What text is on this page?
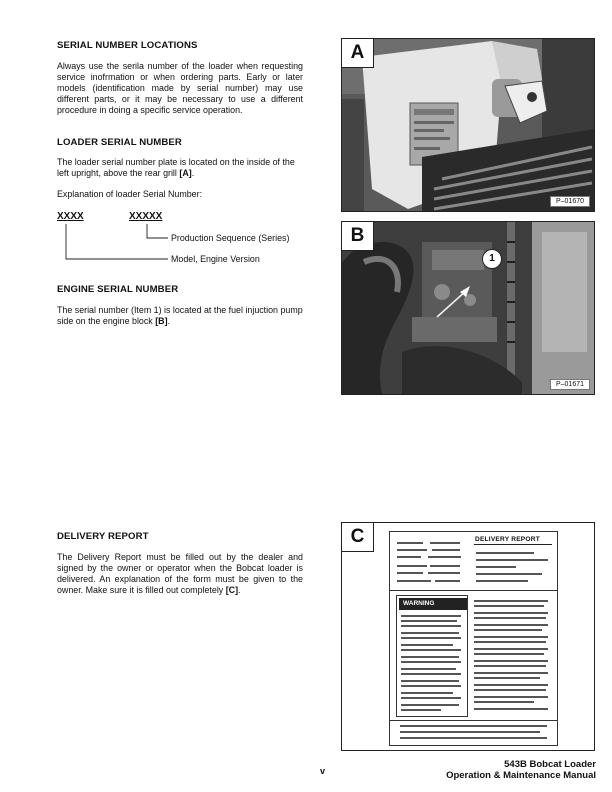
SERIAL NUMBER LOCATIONS
Always use the serila number of the loader when requesting service inofrmation or when ordering parts. Early or later models (identification made by serial number) may use different parts, or it may be necessary to use a different procedure in doing a specific service operation.
LOADER SERIAL NUMBER
The loader serial number plate is located on the inside of the left upright, above the rear grill [A].
Explanation of loader Serial Number:
XXXX	XXXXX
Production Sequence (Series)
Model, Engine Version
ENGINE SERIAL NUMBER
The serial number (Item 1) is located at the fuel injuction pump side on the engine block [B].
DELIVERY REPORT
The Delivery Report must be filled out by the dealer and signed by the owner or operator when the Bobcat loader is delivered. An explanation of the form must be given to the owner. Make sure it is filled out completely [C].
A
P–01670
B
1
P–01671
C	DELIVERY REPORT
WARNING
v
543B Bobcat Loader
Operation & Maintenance Manual
